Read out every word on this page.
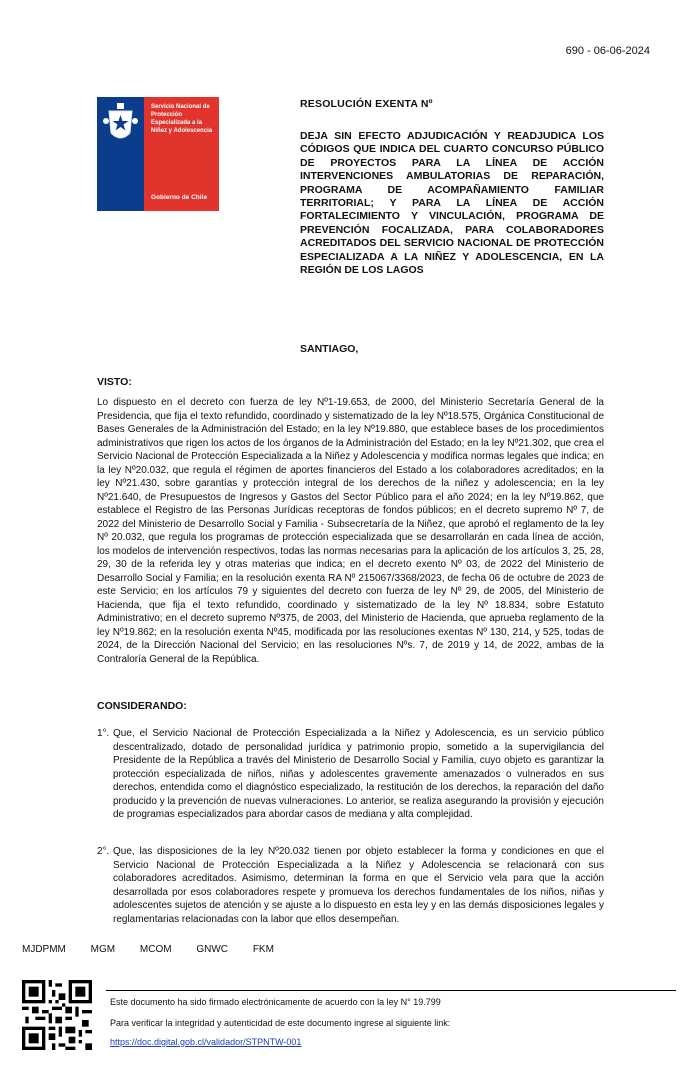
690 - 06-06-2024
Servicio Nacional de Protección Especializada a la Niñez y Adolescencia
Gobierno de Chile
RESOLUCIÓN EXENTA Nº
DEJA SIN EFECTO ADJUDICACIÓN Y READJUDICA LOS CÓDIGOS QUE INDICA DEL CUARTO CONCURSO PÚBLICO DE PROYECTOS PARA LA LÍNEA DE ACCIÓN INTERVENCIONES AMBULATORIAS DE REPARACIÓN, PROGRAMA DE ACOMPAÑAMIENTO FAMILIAR TERRITORIAL; Y PARA LA LÍNEA DE ACCIÓN FORTALECIMIENTO Y VINCULACIÓN, PROGRAMA DE PREVENCIÓN FOCALIZADA, PARA COLABORADORES ACREDITADOS DEL SERVICIO NACIONAL DE PROTECCIÓN ESPECIALIZADA A LA NIÑEZ Y ADOLESCENCIA, EN LA REGIÓN DE LOS LAGOS
SANTIAGO,
VISTO:
Lo dispuesto en el decreto con fuerza de ley Nº1-19.653, de 2000, del Ministerio Secretaría General de la Presidencia, que fija el texto refundido, coordinado y sistematizado de la ley Nº18.575, Orgánica Constitucional de Bases Generales de la Administración del Estado; en la ley Nº19.880, que establece bases de los procedimientos administrativos que rigen los actos de los órganos de la Administración del Estado; en la ley Nº21.302, que crea el Servicio Nacional de Protección Especializada a la Niñez y Adolescencia y modifica normas legales que indica; en la ley Nº20.032, que regula el régimen de aportes financieros del Estado a los colaboradores acreditados; en la ley Nº21.430, sobre garantías y protección integral de los derechos de la niñez y adolescencia; en la ley Nº21.640, de Presupuestos de Ingresos y Gastos del Sector Público para el año 2024; en la ley Nº19.862, que establece el Registro de las Personas Jurídicas receptoras de fondos públicos; en el decreto supremo Nº 7, de 2022 del Ministerio de Desarrollo Social y Familia - Subsecretaría de la Niñez, que aprobó el reglamento de la ley Nº 20.032, que regula los programas de protección especializada que se desarrollarán en cada línea de acción, los modelos de intervención respectivos, todas las normas necesarias para la aplicación de los artículos 3, 25, 28, 29, 30 de la referida ley y otras materias que indica; en el decreto exento Nº 03, de 2022 del Ministerio de Desarrollo Social y Familia; en la resolución exenta RA Nº 215067/3368/2023, de fecha 06 de octubre de 2023 de este Servicio; en los artículos 79 y siguientes del decreto con fuerza de ley Nº 29, de 2005, del Ministerio de Hacienda, que fija el texto refundido, coordinado y sistematizado de la ley Nº 18.834, sobre Estatuto Administrativo; en el decreto supremo Nº375, de 2003, del Ministerio de Hacienda, que aprueba reglamento de la ley Nº19.862; en la resolución exenta Nº45, modificada por las resoluciones exentas Nº 130, 214, y 525, todas de 2024, de la Dirección Nacional del Servicio; en las resoluciones Nºs. 7, de 2019 y 14, de 2022, ambas de la Contraloría General de la República.
CONSIDERANDO:
1°. Que, el Servicio Nacional de Protección Especializada a la Niñez y Adolescencia, es un servicio público descentralizado, dotado de personalidad jurídica y patrimonio propio, sometido a la supervigilancia del Presidente de la República a través del Ministerio de Desarrollo Social y Familia, cuyo objeto es garantizar la protección especializada de niños, niñas y adolescentes gravemente amenazados o vulnerados en sus derechos, entendida como el diagnóstico especializado, la restitución de los derechos, la reparación del daño producido y la prevención de nuevas vulneraciones. Lo anterior, se realiza asegurando la provisión y ejecución de programas especializados para abordar casos de mediana y alta complejidad.
2°. Que, las disposiciones de la ley Nº20.032 tienen por objeto establecer la forma y condiciones en que el Servicio Nacional de Protección Especializada a la Niñez y Adolescencia se relacionará con sus colaboradores acreditados. Asimismo, determinan la forma en que el Servicio vela para que la acción desarrollada por esos colaboradores respete y promueva los derechos fundamentales de los niños, niñas y adolescentes sujetos de atención y se ajuste a lo dispuesto en esta ley y en las demás disposiciones legales y reglamentarias relacionadas con la labor que ellos desempeñan.
MJDPMM MGM MCOM GNWC FKM
Este documento ha sido firmado electrónicamente de acuerdo con la ley N° 19.799
Para verificar la integridad y autenticidad de este documento ingrese al siguiente link:
https://doc.digital.gob.cl/validador/STPNTW-001
